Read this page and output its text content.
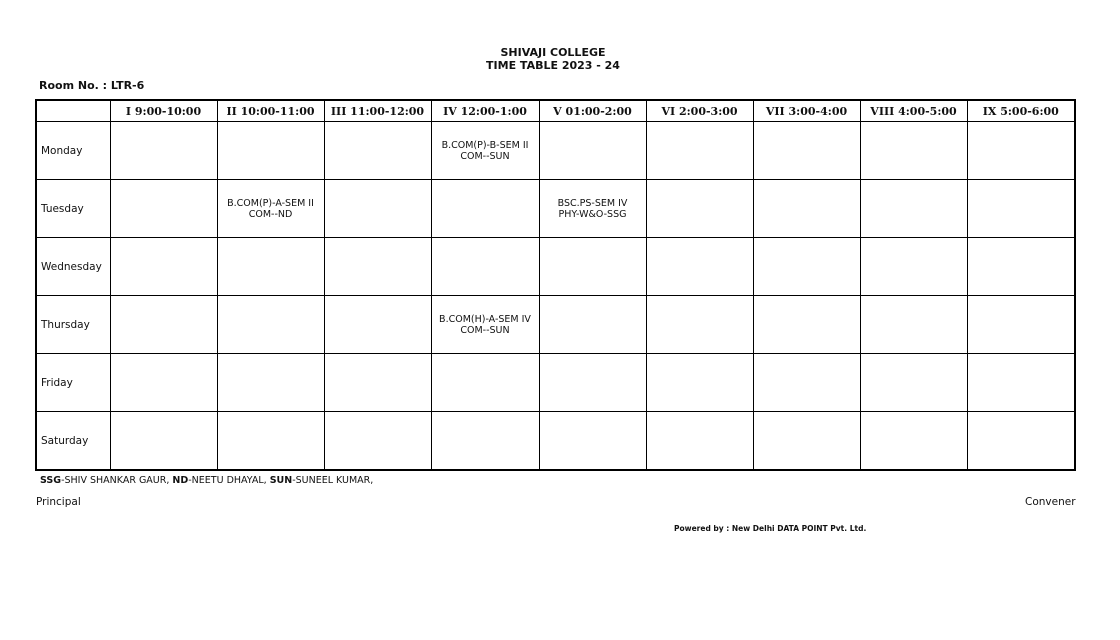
SHIVAJI COLLEGE
TIME TABLE 2023 - 24
Room No. : LTR-6
	I 9:00-10:00	II 10:00-11:00	III 11:00-12:00	IV 12:00-1:00	V 01:00-2:00	VI 2:00-3:00	VII 3:00-4:00	VIII 4:00-5:00	IX 5:00-6:00
Monday				B.COM(P)-B-SEM II
COM--SUN					

Tuesday		B.COM(P)-A-SEM II
COM--ND			BSC.PS-SEM IV
PHY-W&O-SSG				

Wednesday									
Thursday				B.COM(H)-A-SEM IV
COM--SUN					

Friday									
Saturday									
SSG-SHIV SHANKAR GAUR, ND-NEETU DHAYAL, SUN-SUNEEL KUMAR,
Principal	Convener
Powered by : New Delhi DATA POINT Pvt. Ltd.
